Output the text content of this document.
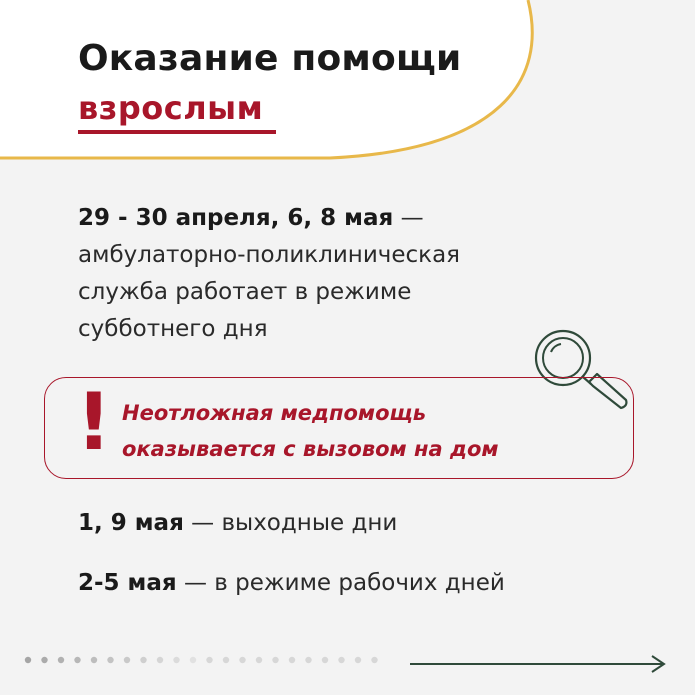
Оказание помощи
взрослым
29 - 30 апреля, 6, 8 мая —
амбулаторно-поликлиническая
служба работает в режиме
субботнего дня
! Неотложная медпомощь
оказывается с вызовом на дом
1, 9 мая — выходные дни
2-5 мая — в режиме рабочих дней
